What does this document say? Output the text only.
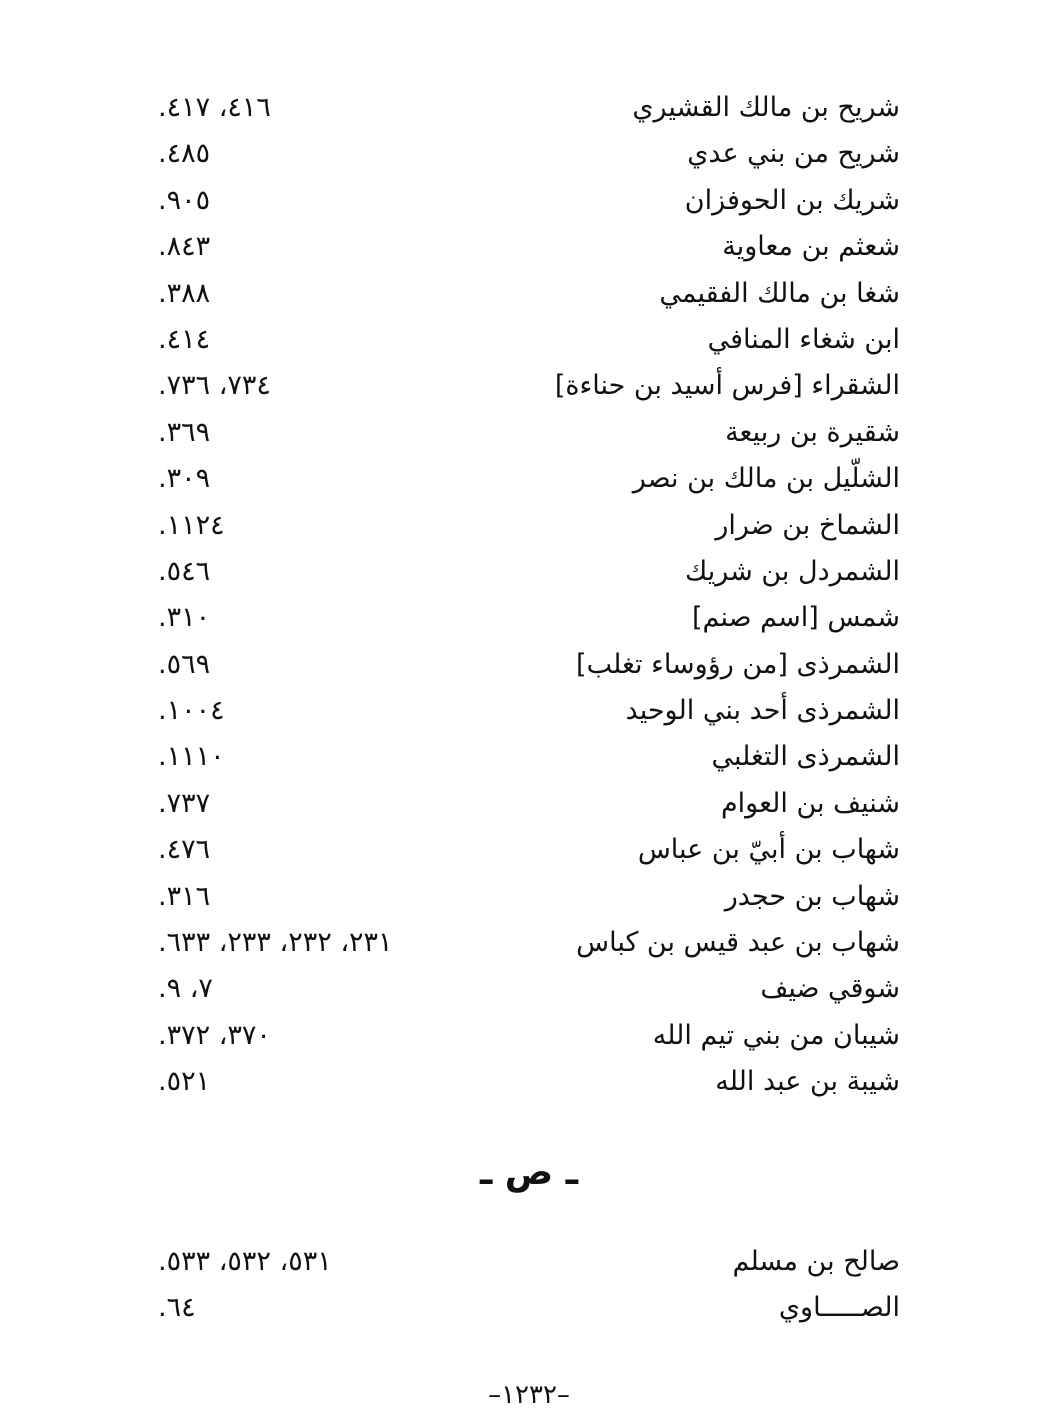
شريح بن مالك القشيري
٤١٦، ٤١٧.
شريح من بني عدي
٤٨٥.
شريك بن الحوفزان
٩٠٥.
شعثم بن معاوية
٨٤٣.
شغا بن مالك الفقيمي
٣٨٨.
ابن شغاء المنافي
٤١٤.
الشقراء [فرس أسيد بن حناءة]
٧٣٤، ٧٣٦.
شقيرة بن ربيعة
٣٦٩.
الشلّيل بن مالك بن نصر
٣٠٩.
الشماخ بن ضرار
١١٢٤.
الشمردل بن شريك
٥٤٦.
شمس [اسم صنم]
٣١٠.
الشمرذى [من رؤوساء تغلب]
٥٦٩.
الشمرذى أحد بني الوحيد
١٠٠٤.
الشمرذى التغلبي
١١١٠.
شنيف بن العوام
٧٣٧.
شهاب بن أبيّ بن عباس
٤٧٦.
شهاب بن حجدر
٣١٦.
شهاب بن عبد قيس بن كباس
٢٣١، ٢٣٢، ٢٣٣، ٦٣٣.
شوقي ضيف
٧، ٩.
شيبان من بني تيم الله
٣٧٠، ٣٧٢.
شيبة بن عبد الله
٥٢١.
ـ ص ـ
صالح بن مسلم
٥٣١، ٥٣٢، ٥٣٣.
الصـــــاوي
٦٤.
–١٢٣٢–
